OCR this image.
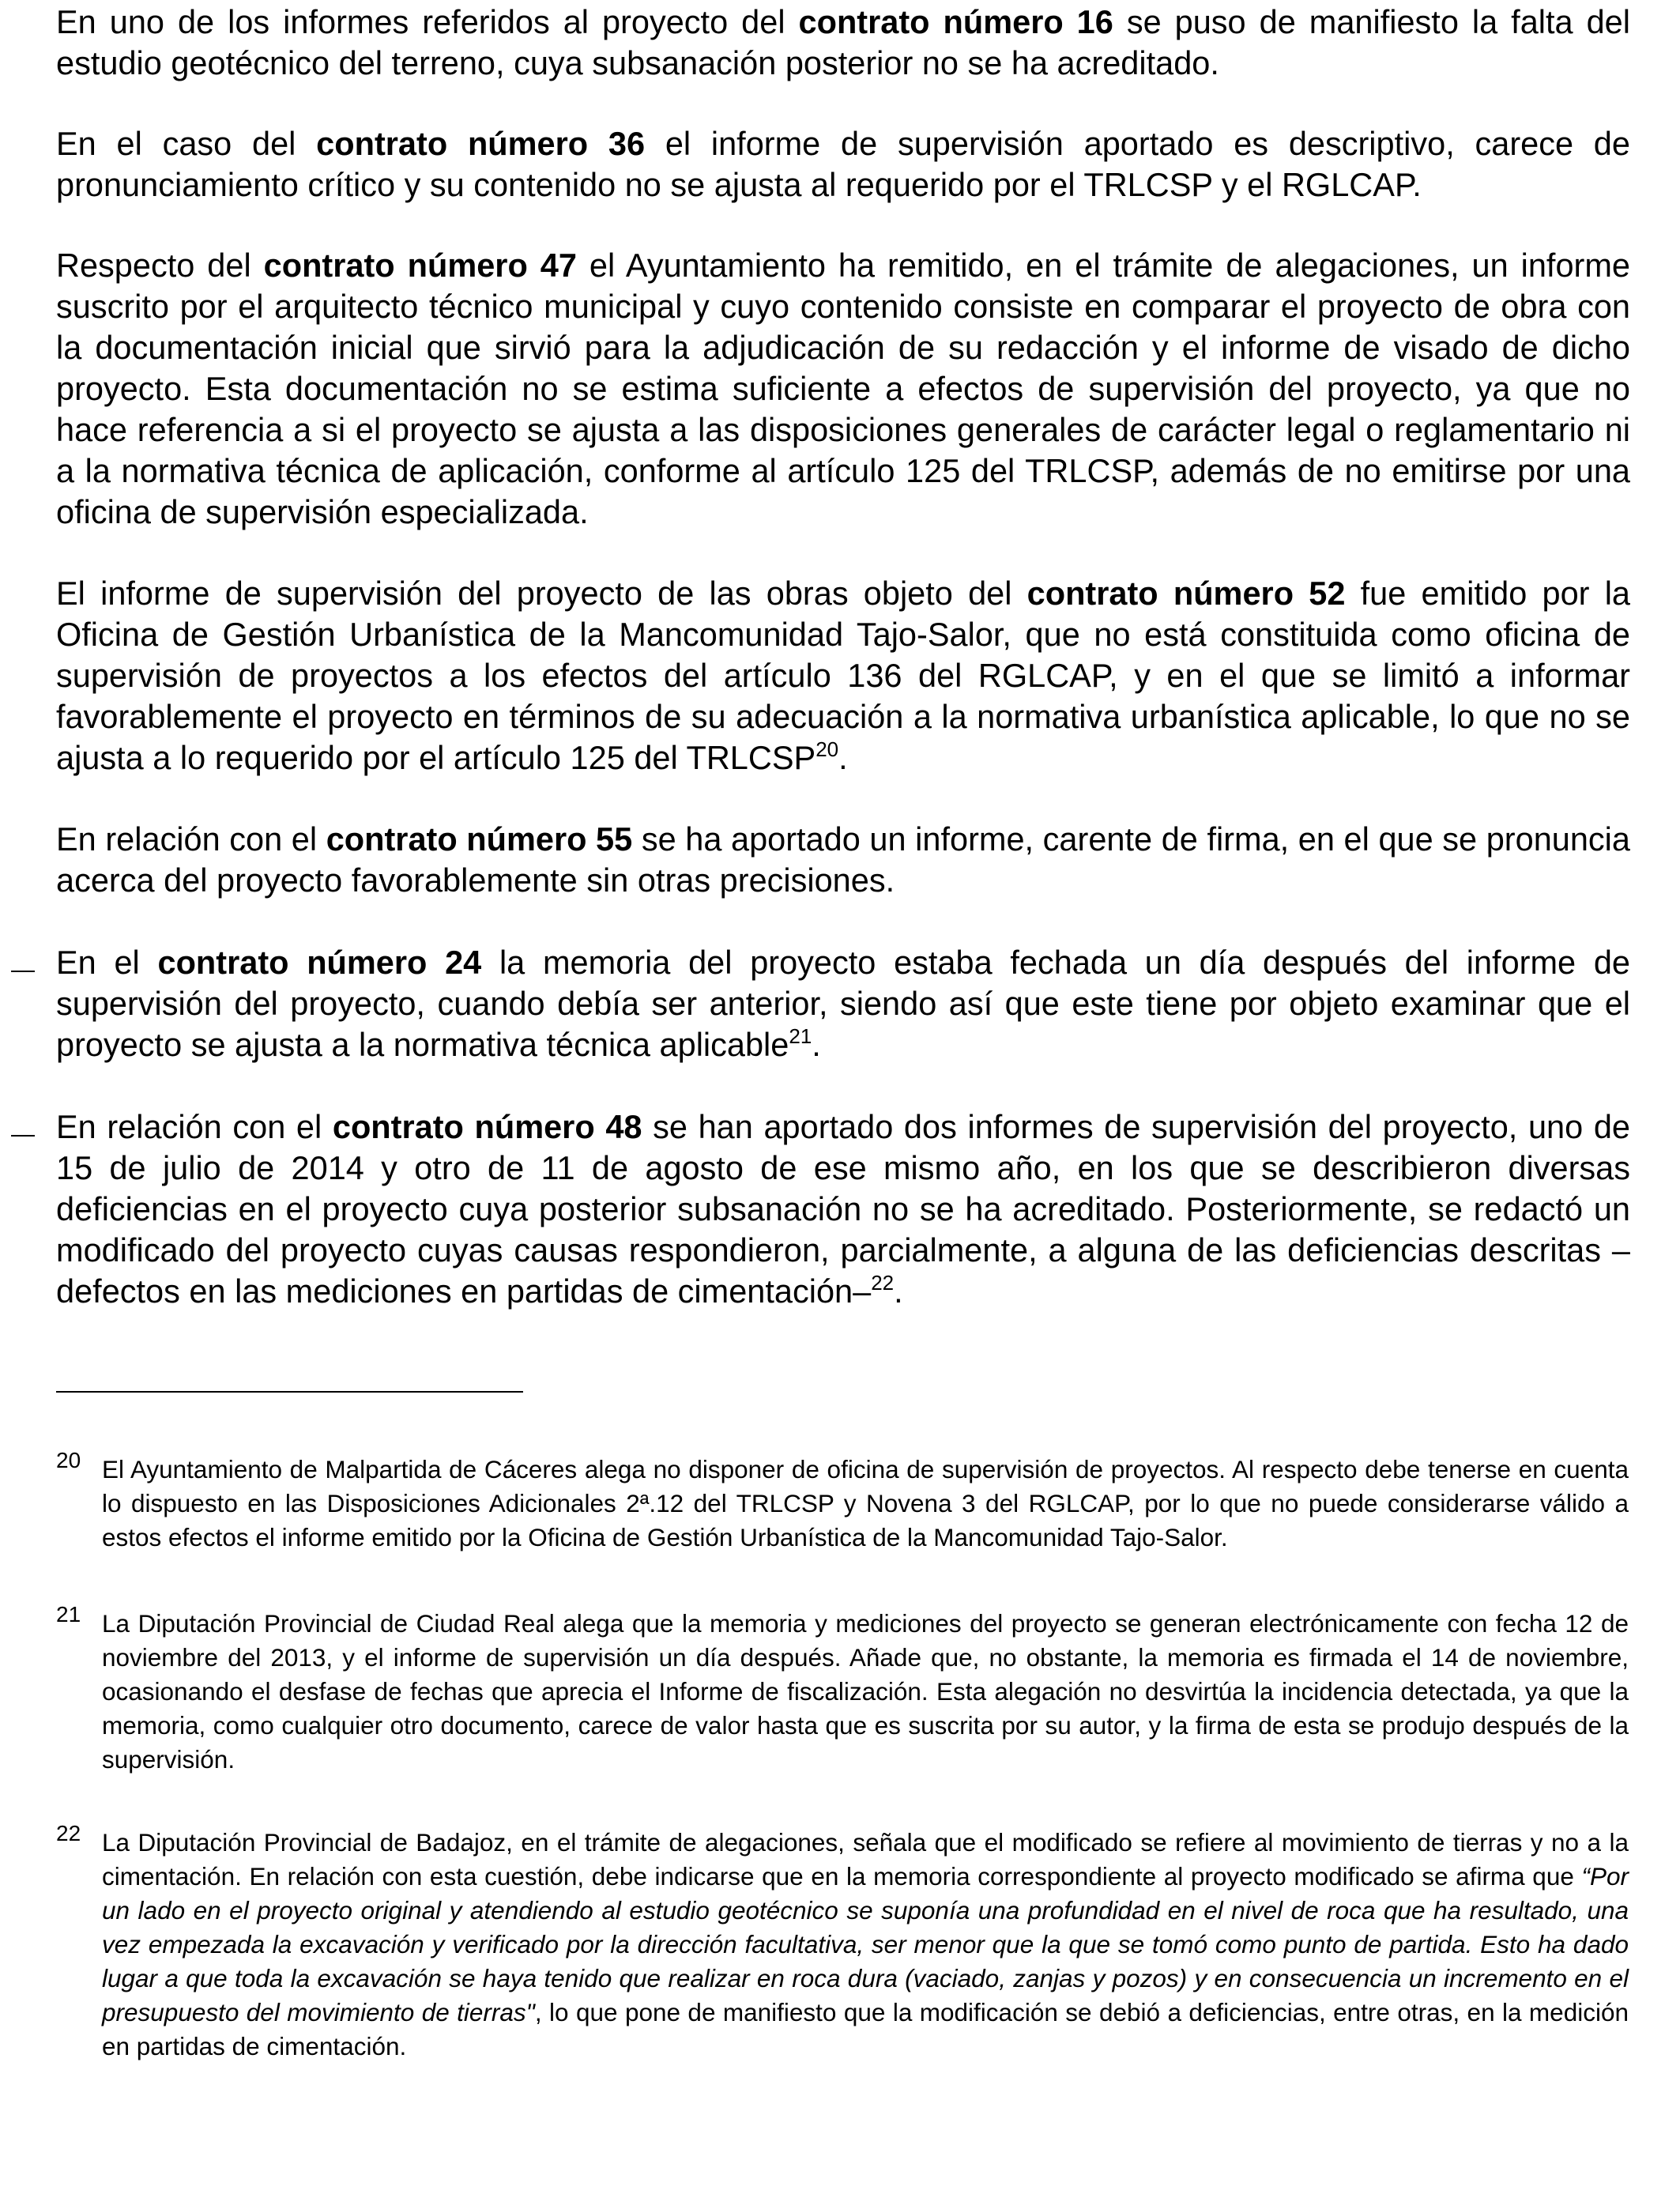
En uno de los informes referidos al proyecto del contrato número 16 se puso de manifiesto la falta del estudio geotécnico del terreno, cuya subsanación posterior no se ha acreditado.

En el caso del contrato número 36 el informe de supervisión aportado es descriptivo, carece de pronunciamiento crítico y su contenido no se ajusta al requerido por el TRLCSP y el RGLCAP.

Respecto del contrato número 47 el Ayuntamiento ha remitido, en el trámite de alegaciones, un informe suscrito por el arquitecto técnico municipal y cuyo contenido consiste en comparar el proyecto de obra con la documentación inicial que sirvió para la adjudicación de su redacción y el informe de visado de dicho proyecto. Esta documentación no se estima suficiente a efectos de supervisión del proyecto, ya que no hace referencia a si el proyecto se ajusta a las disposiciones generales de carácter legal o reglamentario ni a la normativa técnica de aplicación, conforme al artículo 125 del TRLCSP, además de no emitirse por una oficina de supervisión especializada.

El informe de supervisión del proyecto de las obras objeto del contrato número 52 fue emitido por la Oficina de Gestión Urbanística de la Mancomunidad Tajo-Salor, que no está constituida como oficina de supervisión de proyectos a los efectos del artículo 136 del RGLCAP, y en el que se limitó a informar favorablemente el proyecto en términos de su adecuación a la normativa urbanística aplicable, lo que no se ajusta a lo requerido por el artículo 125 del TRLCSP$^{20}$.

En relación con el contrato número 55 se ha aportado un informe, carente de firma, en el que se pronuncia acerca del proyecto favorablemente sin otras precisiones.

En el contrato número 24 la memoria del proyecto estaba fechada un día después del informe de supervisión del proyecto, cuando debía ser anterior, siendo así que este tiene por objeto examinar que el proyecto se ajusta a la normativa técnica aplicable$^{21}$.

En relación con el contrato número 48 se han aportado dos informes de supervisión del proyecto, uno de 15 de julio de 2014 y otro de 11 de agosto de ese mismo año, en los que se describieron diversas deficiencias en el proyecto cuya posterior subsanación no se ha acreditado. Posteriormente, se redactó un modificado del proyecto cuyas causas respondieron, parcialmente, a alguna de las deficiencias descritas –defectos en las mediciones en partidas de cimentación–$^{22}$.

20 El Ayuntamiento de Malpartida de Cáceres alega no disponer de oficina de supervisión de proyectos. Al respecto debe tenerse en cuenta lo dispuesto en las Disposiciones Adicionales 2ª.12 del TRLCSP y Novena 3 del RGLCAP, por lo que no puede considerarse válido a estos efectos el informe emitido por la Oficina de Gestión Urbanística de la Mancomunidad Tajo-Salor.

21 La Diputación Provincial de Ciudad Real alega que la memoria y mediciones del proyecto se generan electrónicamente con fecha 12 de noviembre del 2013, y el informe de supervisión un día después. Añade que, no obstante, la memoria es firmada el 14 de noviembre, ocasionando el desfase de fechas que aprecia el Informe de fiscalización. Esta alegación no desvirtúa la incidencia detectada, ya que la memoria, como cualquier otro documento, carece de valor hasta que es suscrita por su autor, y la firma de esta se produjo después de la supervisión.

22 La Diputación Provincial de Badajoz, en el trámite de alegaciones, señala que el modificado se refiere al movimiento de tierras y no a la cimentación. En relación con esta cuestión, debe indicarse que en la memoria correspondiente al proyecto modificado se afirma que “Por un lado en el proyecto original y atendiendo al estudio geotécnico se suponía una profundidad en el nivel de roca que ha resultado, una vez empezada la excavación y verificado por la dirección facultativa, ser menor que la que se tomó como punto de partida. Esto ha dado lugar a que toda la excavación se haya tenido que realizar en roca dura (vaciado, zanjas y pozos) y en consecuencia un incremento en el presupuesto del movimiento de tierras", lo que pone de manifiesto que la modificación se debió a deficiencias, entre otras, en la medición en partidas de cimentación.
